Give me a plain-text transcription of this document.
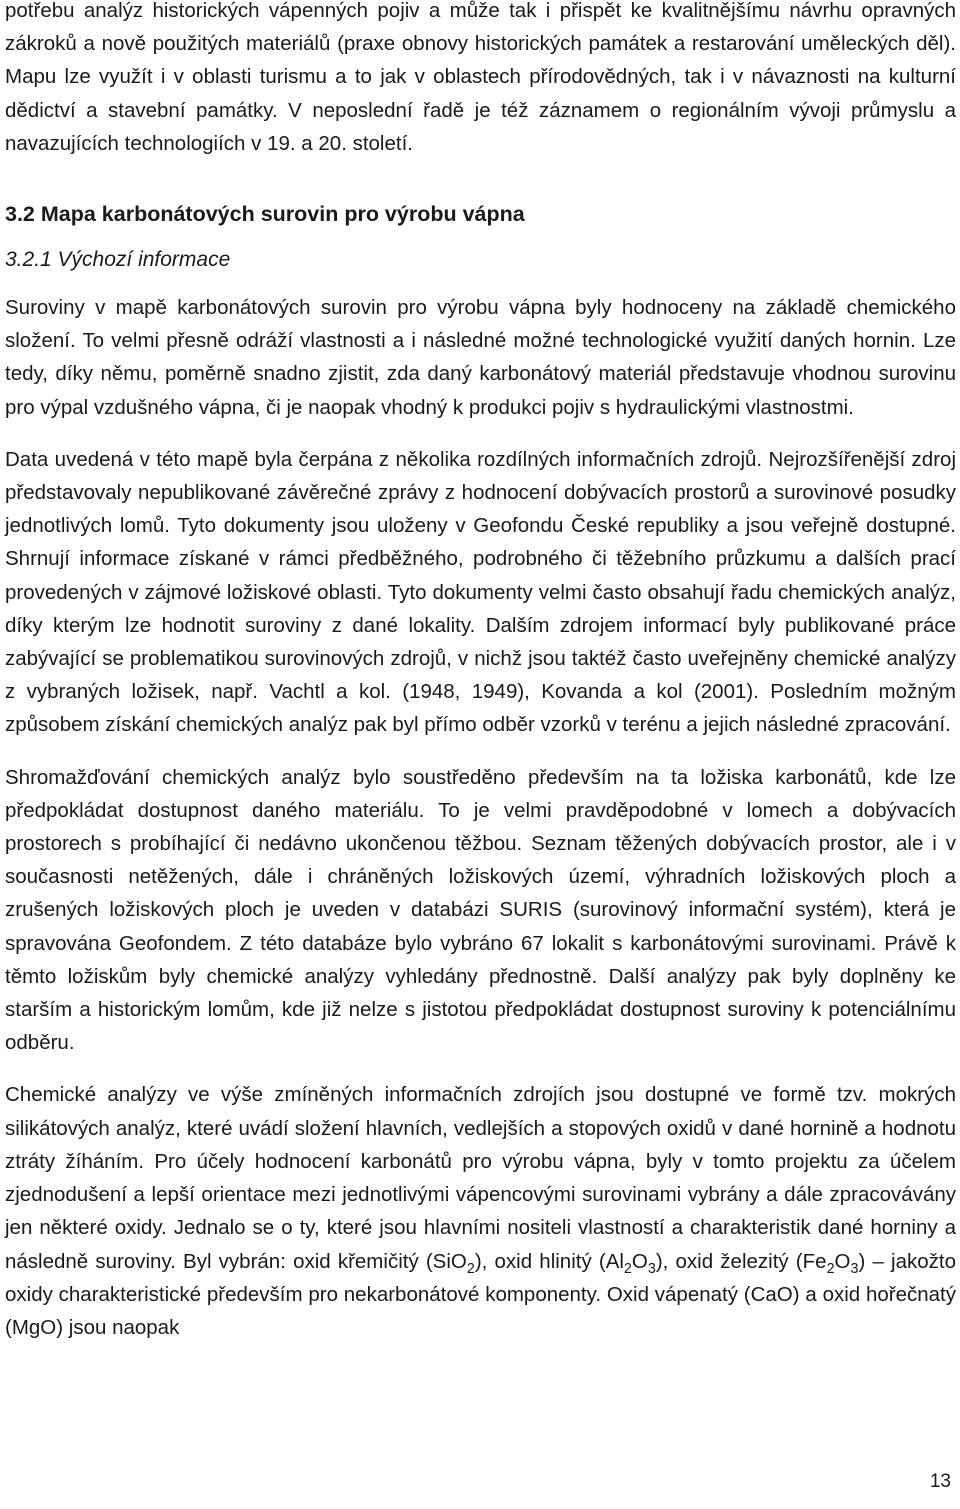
potřebu analýz historických vápenných pojiv a může tak i přispět ke kvalitnějšímu návrhu opravných zákroků a nově použitých materiálů (praxe obnovy historických památek a restarování uměleckých děl). Mapu lze využít i v oblasti turismu a to jak v oblastech přírodovědných, tak i v návaznosti na kulturní dědictví a stavební památky. V neposlední řadě je též záznamem o regionálním vývoji průmyslu a navazujících technologiích v 19. a 20. století.

3.2 Mapa karbonátových surovin pro výrobu vápna
3.2.1 Výchozí informace

Suroviny v mapě karbonátových surovin pro výrobu vápna byly hodnoceny na základě chemického složení. To velmi přesně odráží vlastnosti a i následné možné technologické využití daných hornin. Lze tedy, díky němu, poměrně snadno zjistit, zda daný karbonátový materiál představuje vhodnou surovinu pro výpal vzdušného vápna, či je naopak vhodný k produkci pojiv s hydraulickými vlastnostmi.

Data uvedená v této mapě byla čerpána z několika rozdílných informačních zdrojů. Nejrozšířenější zdroj představovaly nepublikované závěrečné zprávy z hodnocení dobývacích prostorů a surovinové posudky jednotlivých lomů. Tyto dokumenty jsou uloženy v Geofondu České republiky a jsou veřejně dostupné. Shrnují informace získané v rámci předběžného, podrobného či těžebního průzkumu a dalších prací provedených v zájmové ložiskové oblasti. Tyto dokumenty velmi často obsahují řadu chemických analýz, díky kterým lze hodnotit suroviny z dané lokality. Dalším zdrojem informací byly publikované práce zabývající se problematikou surovinových zdrojů, v nichž jsou taktéž často uveřejněny chemické analýzy z vybraných ložisek, např. Vachtl a kol. (1948, 1949), Kovanda a kol (2001). Posledním možným způsobem získání chemických analýz pak byl přímo odběr vzorků v terénu a jejich následné zpracování.

Shromažďování chemických analýz bylo soustředěno především na ta ložiska karbonátů, kde lze předpokládat dostupnost daného materiálu. To je velmi pravděpodobné v lomech a dobývacích prostorech s probíhající či nedávno ukončenou těžbou. Seznam těžených dobývacích prostor, ale i v současnosti netěžených, dále i chráněných ložiskových území, výhradních ložiskových ploch a zrušených ložiskových ploch je uveden v databázi SURIS (surovinový informační systém), která je spravována Geofondem. Z této databáze bylo vybráno 67 lokalit s karbonátovými surovinami. Právě k těmto ložiskům byly chemické analýzy vyhledány přednostně. Další analýzy pak byly doplněny ke starším a historickým lomům, kde již nelze s jistotou předpokládat dostupnost suroviny k potenciálnímu odběru.

Chemické analýzy ve výše zmíněných informačních zdrojích jsou dostupné ve formě tzv. mokrých silikátových analýz, které uvádí složení hlavních, vedlejších a stopových oxidů v dané hornině a hodnotu ztráty žíháním. Pro účely hodnocení karbonátů pro výrobu vápna, byly v tomto projektu za účelem zjednodušení a lepší orientace mezi jednotlivými vápencovými surovinami vybrány a dále zpracovávány jen některé oxidy. Jednalo se o ty, které jsou hlavními nositeli vlastností a charakteristik dané horniny a následně suroviny. Byl vybrán: oxid křemičitý (SiO$_2$), oxid hlinitý $(Al_2O_3)$, oxid železitý $(Fe_2O_3)$ – jakožto oxidy charakteristické především pro nekarbonátové komponenty. Oxid vápenatý (CaO) a oxid hořečnatý (MgO) jsou naopak

13
